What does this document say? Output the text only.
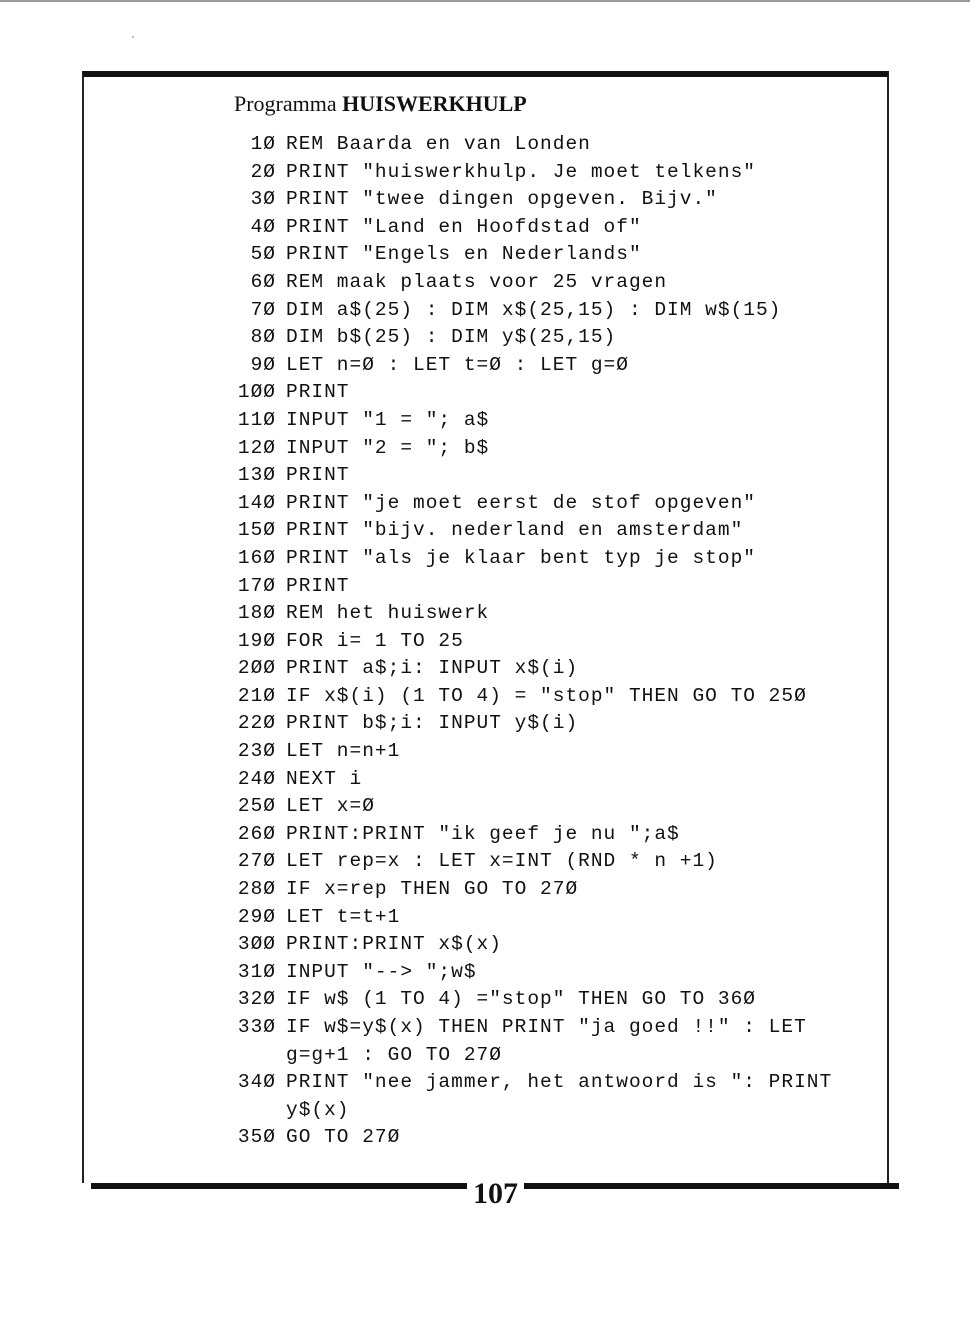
Programma HUISWERKHULP
1Ø REM Baarda en van Londen
2Ø PRINT "huiswerkhulp. Je moet telkens"
3Ø PRINT "twee dingen opgeven. Bijv."
4Ø PRINT "Land en Hoofdstad of"
5Ø PRINT "Engels en Nederlands"
6Ø REM maak plaats voor 25 vragen
7Ø DIM a$(25) : DIM x$(25,15) : DIM w$(15)
8Ø DIM b$(25) : DIM y$(25,15)
9Ø LET n=Ø : LET t=Ø : LET g=Ø
1ØØ PRINT
11Ø INPUT "1 = "; a$
12Ø INPUT "2 = "; b$
13Ø PRINT
14Ø PRINT "je moet eerst de stof opgeven"
15Ø PRINT "bijv. nederland en amsterdam"
16Ø PRINT "als je klaar bent typ je stop"
17Ø PRINT
18Ø REM het huiswerk
19Ø FOR i= 1 TO 25
2ØØ PRINT a$;i: INPUT x$(i)
21Ø IF x$(i) (1 TO 4) = "stop" THEN GO TO 25Ø
22Ø PRINT b$;i: INPUT y$(i)
23Ø LET n=n+1
24Ø NEXT i
25Ø LET x=Ø
26Ø PRINT:PRINT "ik geef je nu ";a$
27Ø LET rep=x : LET x=INT (RND * n +1)
28Ø IF x=rep THEN GO TO 27Ø
29Ø LET t=t+1
3ØØ PRINT:PRINT x$(x)
31Ø INPUT "--> ";w$
32Ø IF w$ (1 TO 4) ="stop" THEN GO TO 36Ø
33Ø IF w$=y$(x) THEN PRINT "ja goed !!" : LET
g=g+1 : GO TO 27Ø
34Ø PRINT "nee jammer, het antwoord is ": PRINT
y$(x)
35Ø GO TO 27Ø
107
